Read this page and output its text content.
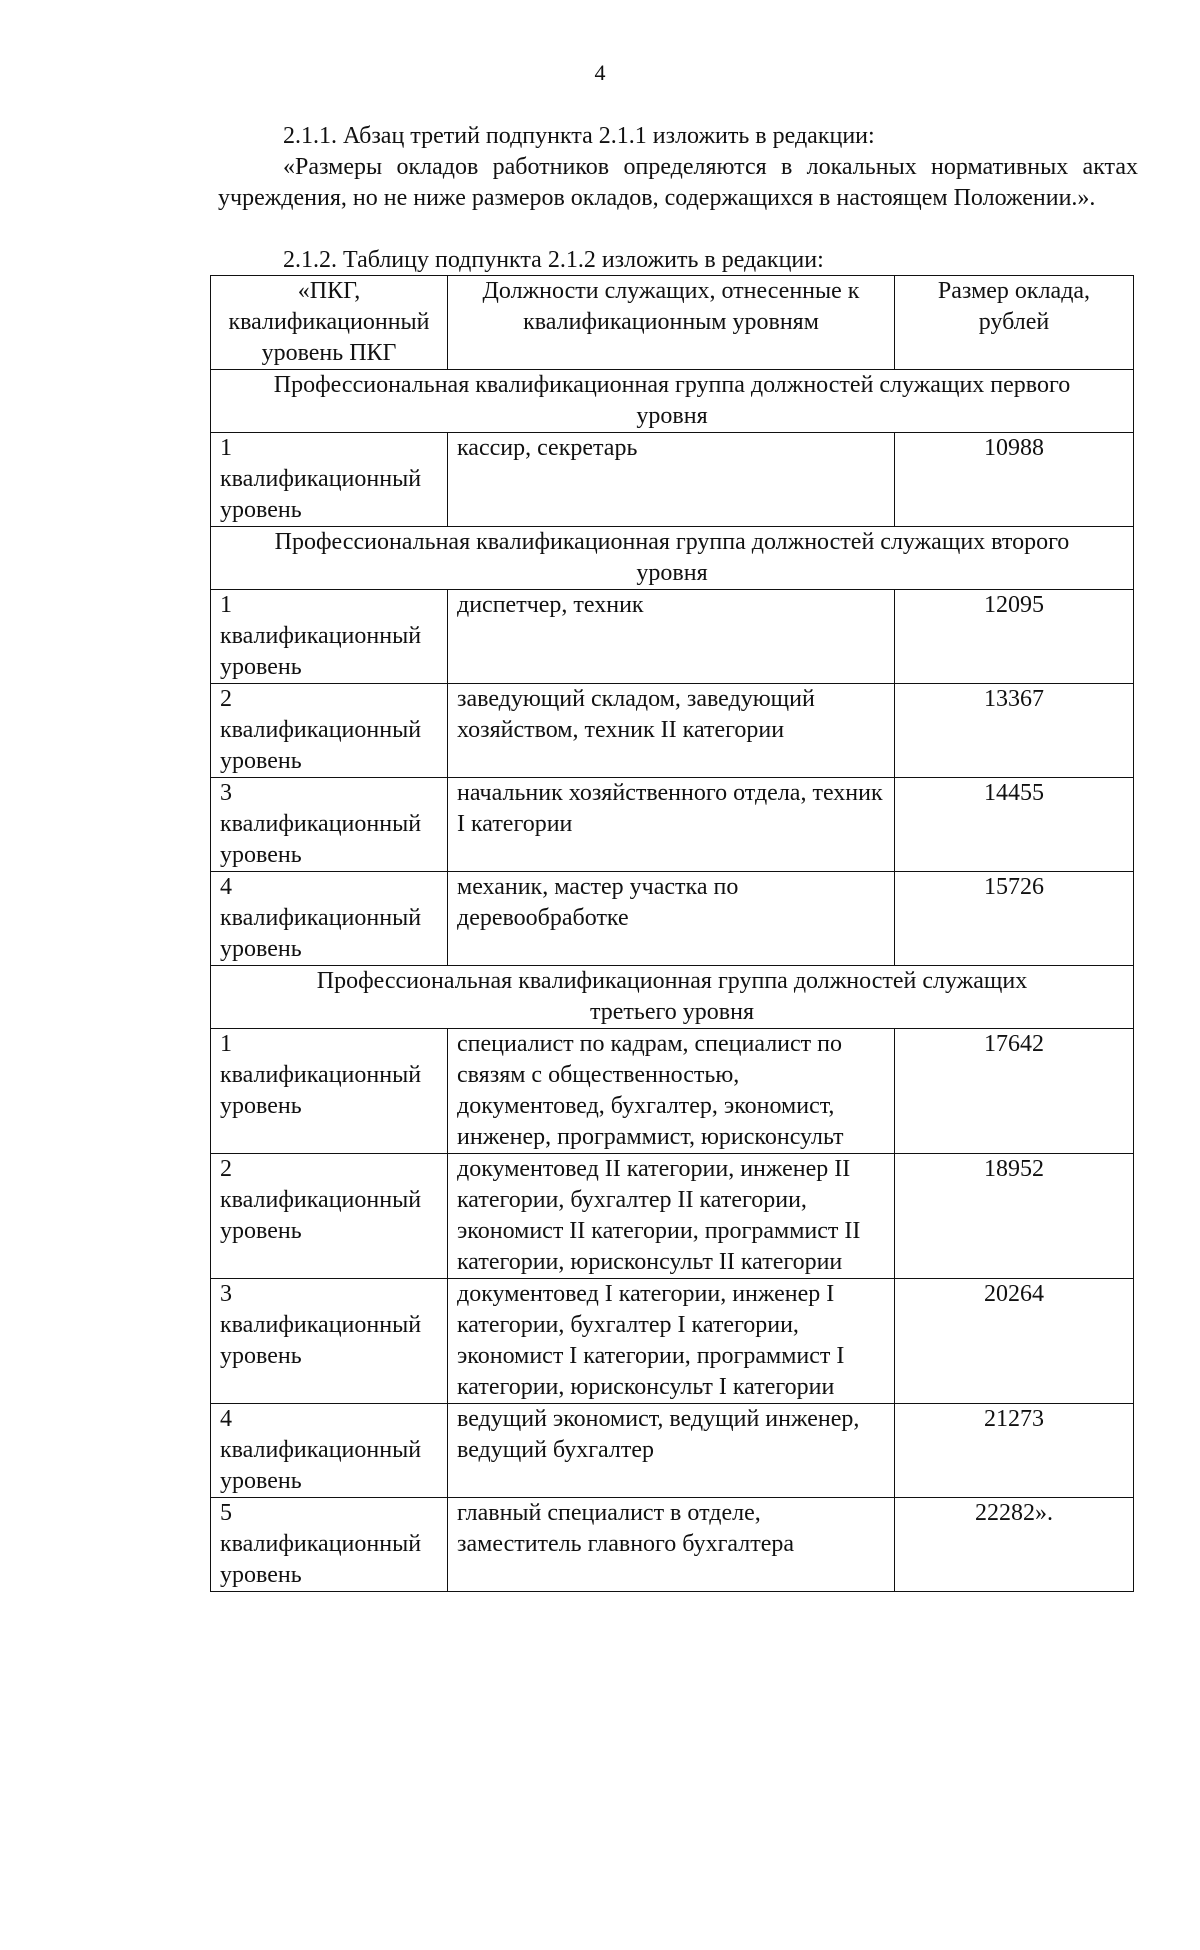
4
2.1.1. Абзац третий подпункта 2.1.1 изложить в редакции:
«Размеры окладов работников определяются в локальных нормативных актах учреждения, но не ниже размеров окладов, содержащихся в настоящем Положении.».
2.1.2. Таблицу подпункта 2.1.2 изложить в редакции:
«ПКГ, квалификационный уровень ПКГ	Должности служащих, отнесенные к квалификационным уровням	Размер оклада, рублей
Профессиональная квалификационная группа должностей служащих первого уровня		
1 квалификационный уровень	кассир, секретарь	10988
Профессиональная квалификационная группа должностей служащих второго уровня		
1 квалификационный уровень	диспетчер, техник	12095
2 квалификационный уровень	заведующий складом, заведующий хозяйством, техник II категории	13367
3 квалификационный уровень	начальник хозяйственного отдела, техник I категории	14455
4 квалификационный уровень	механик, мастер участка по деревообработке	15726
Профессиональная квалификационная группа должностей служащих третьего уровня		
1 квалификационный уровень	специалист по кадрам, специалист по связям с общественностью, документовед, бухгалтер, экономист, инженер, программист, юрисконсульт	17642
2 квалификационный уровень	документовед II категории, инженер II категории, бухгалтер II категории, экономист II категории, программист II категории, юрисконсульт II категории	18952
3 квалификационный уровень	документовед I категории, инженер I категории, бухгалтер I категории, экономист I категории, программист I категории, юрисконсульт I категории	20264
4 квалификационный уровень	ведущий экономист, ведущий инженер, ведущий бухгалтер	21273
5 квалификационный уровень	главный специалист в отделе, заместитель главного бухгалтера	22282».
